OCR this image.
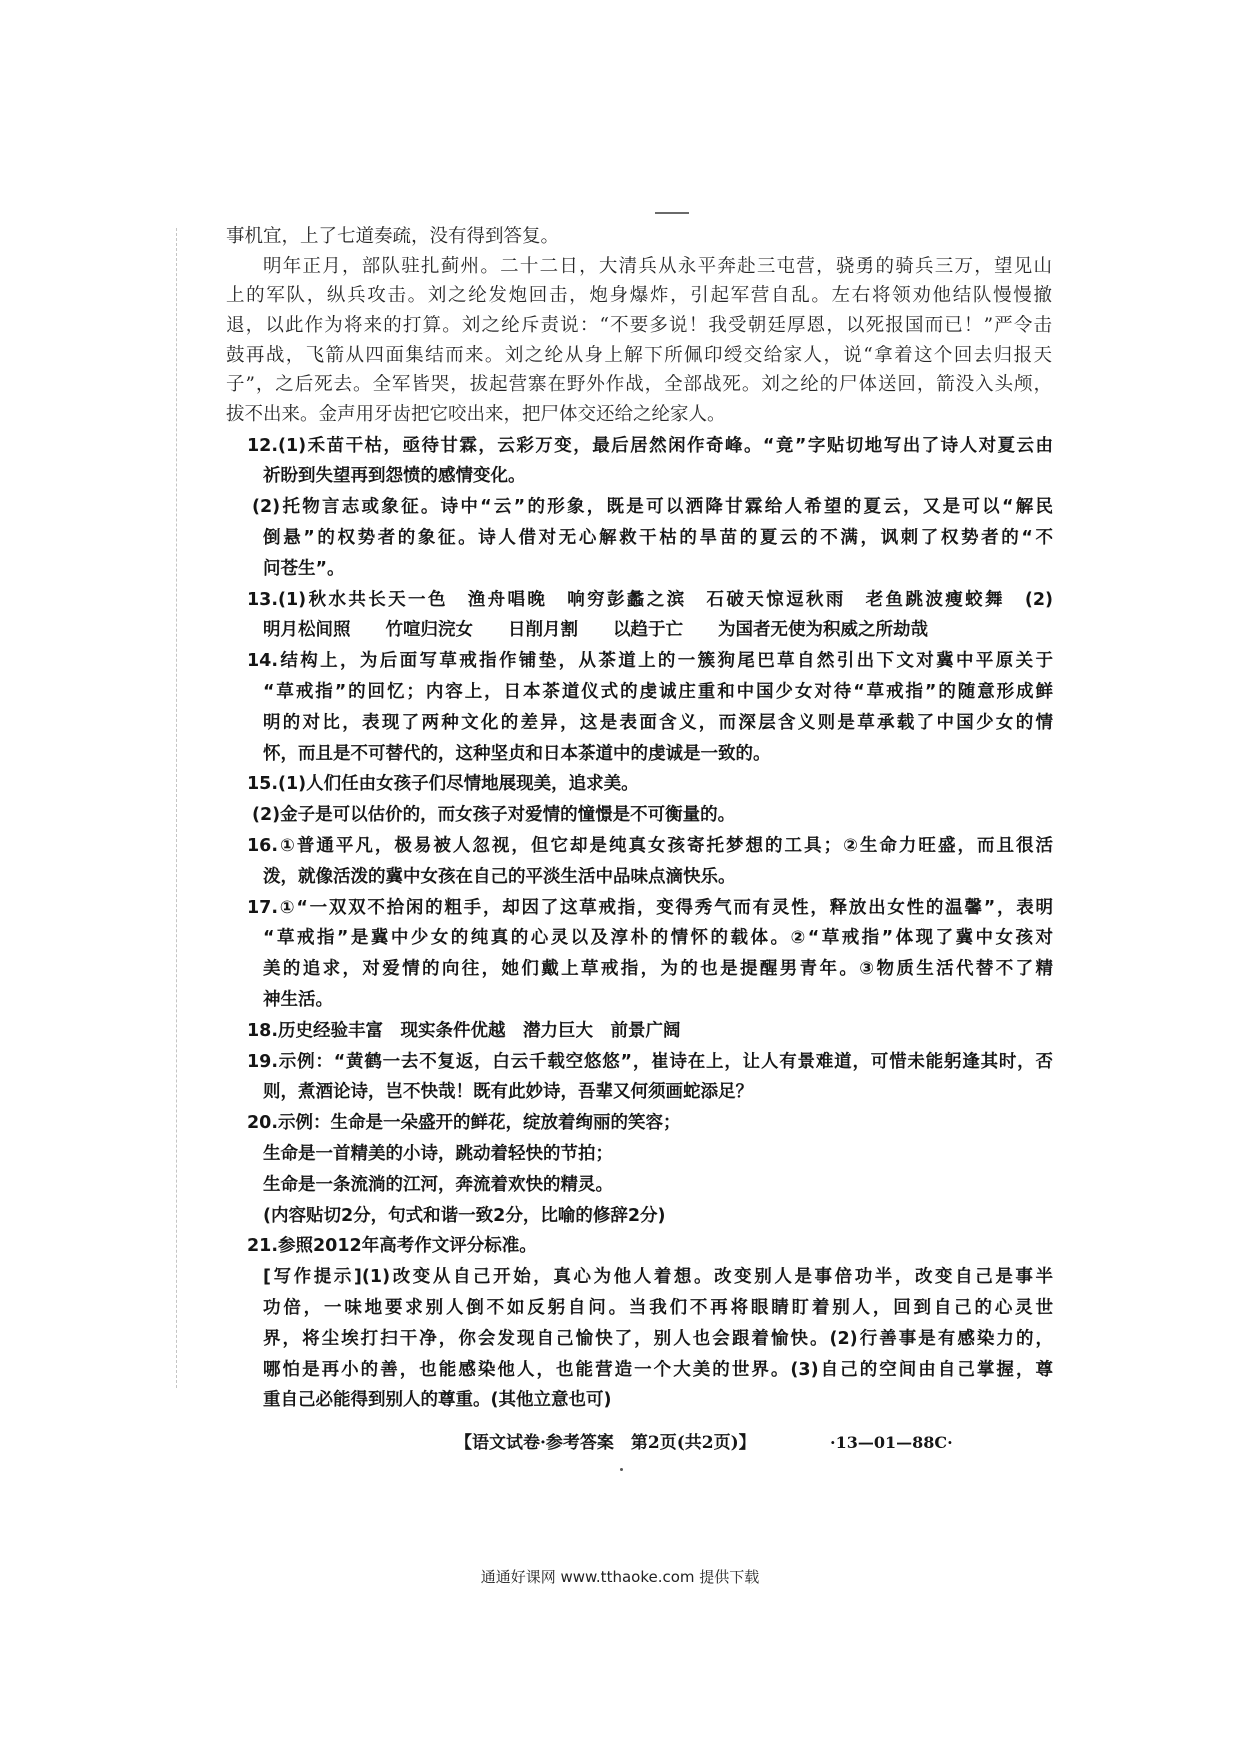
事机宜，上了七道奏疏，没有得到答复。
明年正月，部队驻扎蓟州。二十二日，大清兵从永平奔赴三屯营，骁勇的骑兵三万，望见山
上的军队，纵兵攻击。刘之纶发炮回击，炮身爆炸，引起军营自乱。左右将领劝他结队慢慢撤
退，以此作为将来的打算。刘之纶斥责说：“不要多说！我受朝廷厚恩，以死报国而已！”严令击
鼓再战，飞箭从四面集结而来。刘之纶从身上解下所佩印绶交给家人，说“拿着这个回去归报天
子”，之后死去。全军皆哭，拔起营寨在野外作战，全部战死。刘之纶的尸体送回，箭没入头颅，
拔不出来。金声用牙齿把它咬出来，把尸体交还给之纶家人。
12.(1)禾苗干枯，亟待甘霖，云彩万变，最后居然闲作奇峰。“竟”字贴切地写出了诗人对夏云由
祈盼到失望再到怨愤的感情变化。
(2)托物言志或象征。诗中“云”的形象，既是可以洒降甘霖给人希望的夏云，又是可以“解民
倒悬”的权势者的象征。诗人借对无心解救干枯的旱苗的夏云的不满，讽刺了权势者的“不
问苍生”。
13.(1)秋水共长天一色　渔舟唱晚　响穷彭蠡之滨　石破天惊逗秋雨　老鱼跳波瘦蛟舞　(2)
明月松间照　　竹喧归浣女　　日削月割　　以趋于亡　　为国者无使为积威之所劫哉
14.结构上，为后面写草戒指作铺垫，从茶道上的一簇狗尾巴草自然引出下文对冀中平原关于
“草戒指”的回忆；内容上，日本茶道仪式的虔诚庄重和中国少女对待“草戒指”的随意形成鲜
明的对比，表现了两种文化的差异，这是表面含义，而深层含义则是草承载了中国少女的情
怀，而且是不可替代的，这种坚贞和日本茶道中的虔诚是一致的。
15.(1)人们任由女孩子们尽情地展现美，追求美。
(2)金子是可以估价的，而女孩子对爱情的憧憬是不可衡量的。
16.①普通平凡，极易被人忽视，但它却是纯真女孩寄托梦想的工具；②生命力旺盛，而且很活
泼，就像活泼的冀中女孩在自己的平淡生活中品味点滴快乐。
17.①“一双双不拾闲的粗手，却因了这草戒指，变得秀气而有灵性，释放出女性的温馨”，表明
“草戒指”是冀中少女的纯真的心灵以及淳朴的情怀的载体。②“草戒指”体现了冀中女孩对
美的追求，对爱情的向往，她们戴上草戒指，为的也是提醒男青年。③物质生活代替不了精
神生活。
18.历史经验丰富　现实条件优越　潜力巨大　前景广阔
19.示例：“黄鹤一去不复返，白云千载空悠悠”，崔诗在上，让人有景难道，可惜未能躬逢其时，否
则，煮酒论诗，岂不快哉！既有此妙诗，吾辈又何须画蛇添足？
20.示例：生命是一朵盛开的鲜花，绽放着绚丽的笑容；
生命是一首精美的小诗，跳动着轻快的节拍；
生命是一条流淌的江河，奔流着欢快的精灵。
(内容贴切2分，句式和谐一致2分，比喻的修辞2分)
21.参照2012年高考作文评分标准。
[写作提示](1)改变从自己开始，真心为他人着想。改变别人是事倍功半，改变自己是事半
功倍，一味地要求别人倒不如反躬自问。当我们不再将眼睛盯着别人，回到自己的心灵世
界，将尘埃打扫干净，你会发现自己愉快了，别人也会跟着愉快。(2)行善事是有感染力的，
哪怕是再小的善，也能感染他人，也能营造一个大美的世界。(3)自己的空间由自己掌握，尊
重自己必能得到别人的尊重。(其他立意也可)
【语文试卷·参考答案　第2页(共2页)】	·13—01—88C·
通通好课网 www.tthaoke.com 提供下载
